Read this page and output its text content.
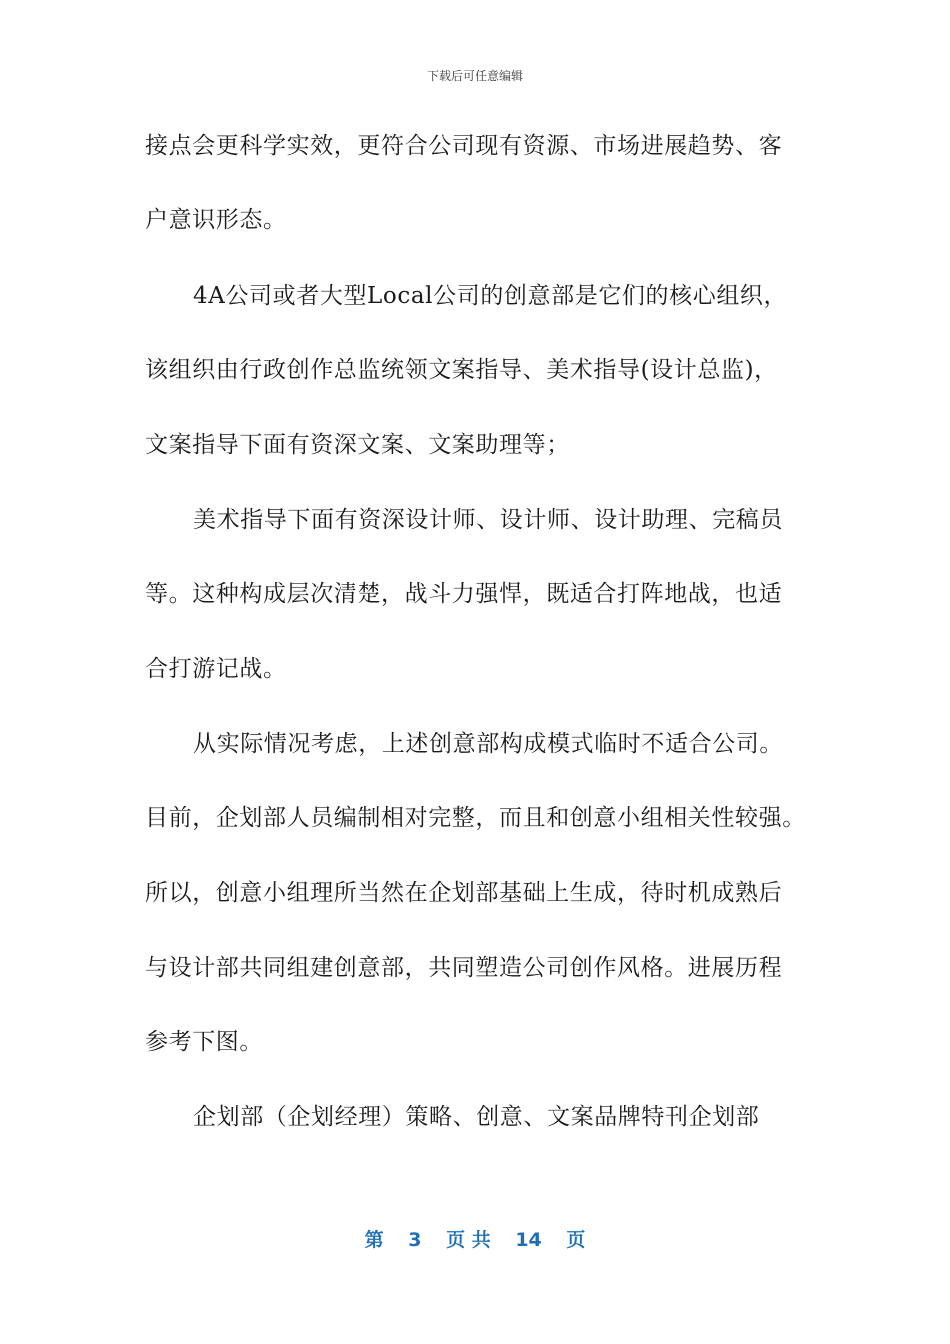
下载后可任意编辑
接点会更科学实效，更符合公司现有资源、市场进展趋势、客
户意识形态。
4A公司或者大型Local公司的创意部是它们的核心组织，
该组织由行政创作总监统领文案指导、美术指导(设计总监)，
文案指导下面有资深文案、文案助理等；
美术指导下面有资深设计师、设计师、设计助理、完稿员
等。这种构成层次清楚，战斗力强悍，既适合打阵地战，也适
合打游记战。
从实际情况考虑，上述创意部构成模式临时不适合公司。
目前，企划部人员编制相对完整，而且和创意小组相关性较强。
所以，创意小组理所当然在企划部基础上生成，待时机成熟后
与设计部共同组建创意部，共同塑造公司创作风格。进展历程
参考下图。
企划部（企划经理）策略、创意、文案品牌特刊企划部
第 3 页 共 14 页
